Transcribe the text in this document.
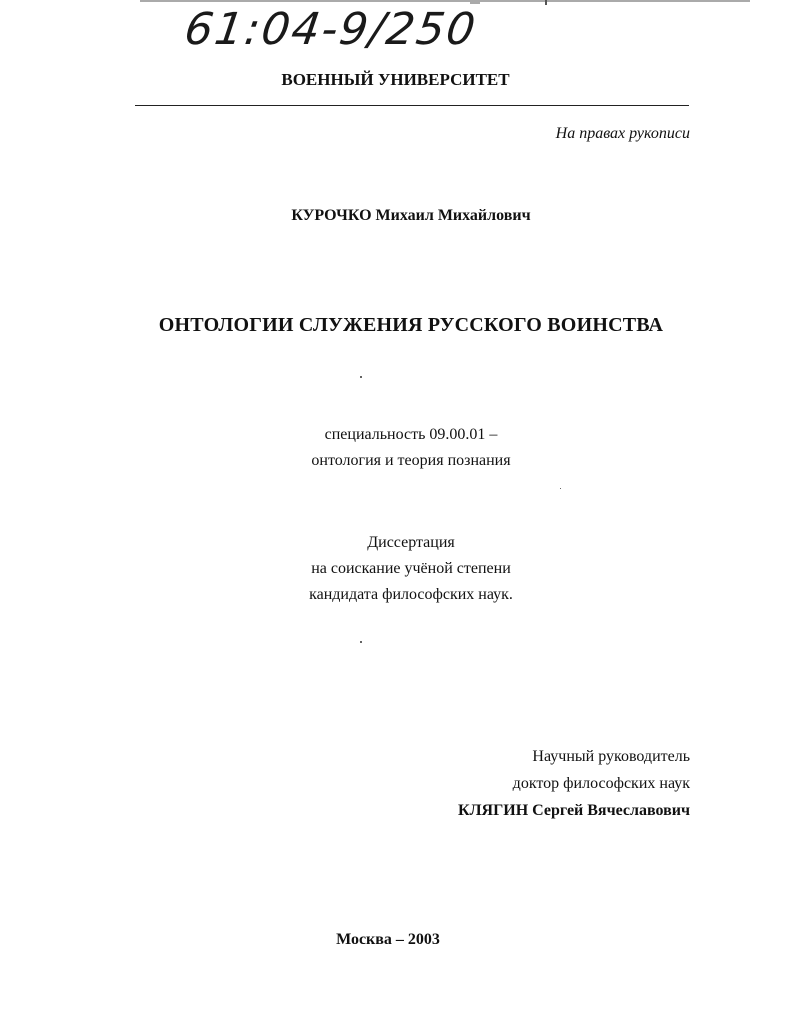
61:04-9/250
ВОЕННЫЙ УНИВЕРСИТЕТ
На правах рукописи
КУРОЧКО Михаил Михайлович
ОНТОЛОГИИ СЛУЖЕНИЯ РУССКОГО ВОИНСТВА
специальность 09.00.01 –
онтология и теория познания
Диссертация
на соискание учёной степени
кандидата философских наук.
Научный руководитель
доктор философских наук
КЛЯГИН Сергей Вячеславович
Москва – 2003
